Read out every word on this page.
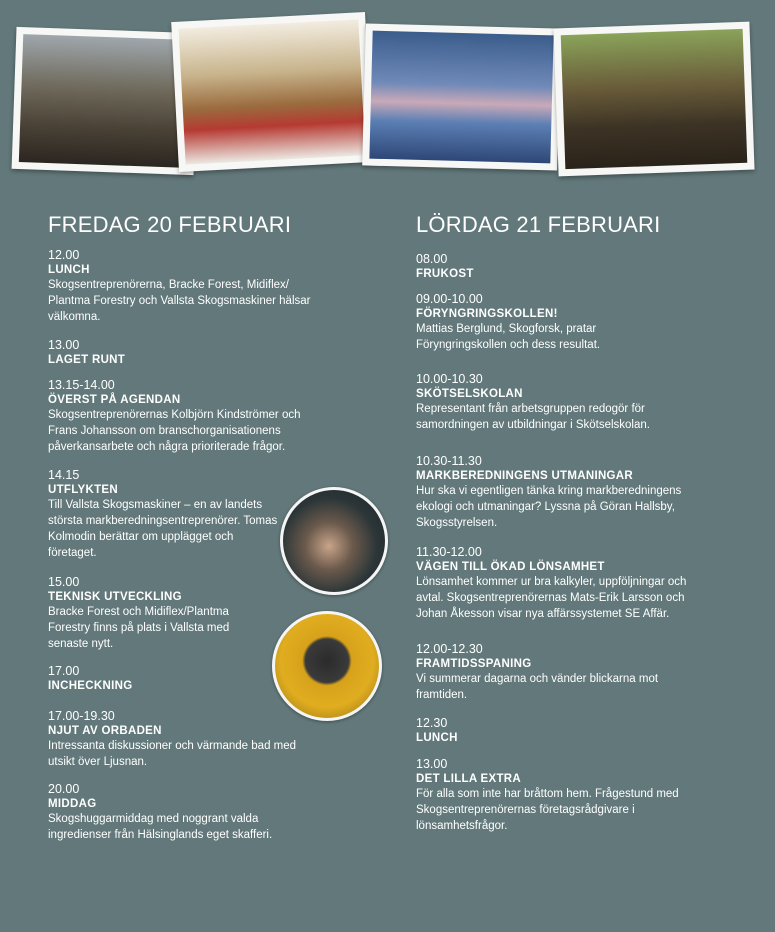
FREDAG 20 FEBRUARI
12.00
LUNCH
Skogsentreprenörerna, Bracke Forest, Midiflex/ Plantma Forestry och Vallsta Skogsmaskiner hälsar välkomna.
13.00
LAGET RUNT
13.15-14.00
ÖVERST PÅ AGENDAN
Skogsentreprenörernas Kolbjörn Kindströmer och Frans Johansson om branschorganisationens påverkansarbete och några prioriterade frågor.
14.15
UTFLYKTEN
Till Vallsta Skogsmaskiner – en av landets största markberedningsentreprenörer. Tomas Kolmodin berättar om upplägget och företaget.
15.00
TEKNISK UTVECKLING
Bracke Forest och Midiflex/Plantma Forestry finns på plats i Vallsta med senaste nytt.
17.00
INCHECKNING
17.00-19.30
NJUT AV ORBADEN
Intressanta diskussioner och värmande bad med utsikt över Ljusnan.
20.00
MIDDAG
Skogshuggarmiddag med noggrant valda ingredienser från Hälsinglands eget skafferi.
LÖRDAG 21 FEBRUARI
08.00
FRUKOST
09.00-10.00
FÖRYNGRINGSKOLLEN!
Mattias Berglund, Skogforsk, pratar Föryngringskollen och dess resultat.
10.00-10.30
SKÖTSELSKOLAN
Representant från arbetsgruppen redogör för samordningen av utbildningar i Skötselskolan.
10.30-11.30
MARKBEREDNINGENS UTMANINGAR
Hur ska vi egentligen tänka kring markberedningens ekologi och utmaningar? Lyssna på Göran Hallsby, Skogsstyrelsen.
11.30-12.00
VÄGEN TILL ÖKAD LÖNSAMHET
Lönsamhet kommer ur bra kalkyler, uppföljningar och avtal. Skogsentreprenörernas Mats-Erik Larsson och Johan Åkesson visar nya affärssystemet SE Affär.
12.00-12.30
FRAMTIDSSPANING
Vi summerar dagarna och vänder blickarna mot framtiden.
12.30
LUNCH
13.00
DET LILLA EXTRA
För alla som inte har bråttom hem. Frågestund med Skogsentreprenörernas företagsrådgivare i lönsamhetsfrågor.
